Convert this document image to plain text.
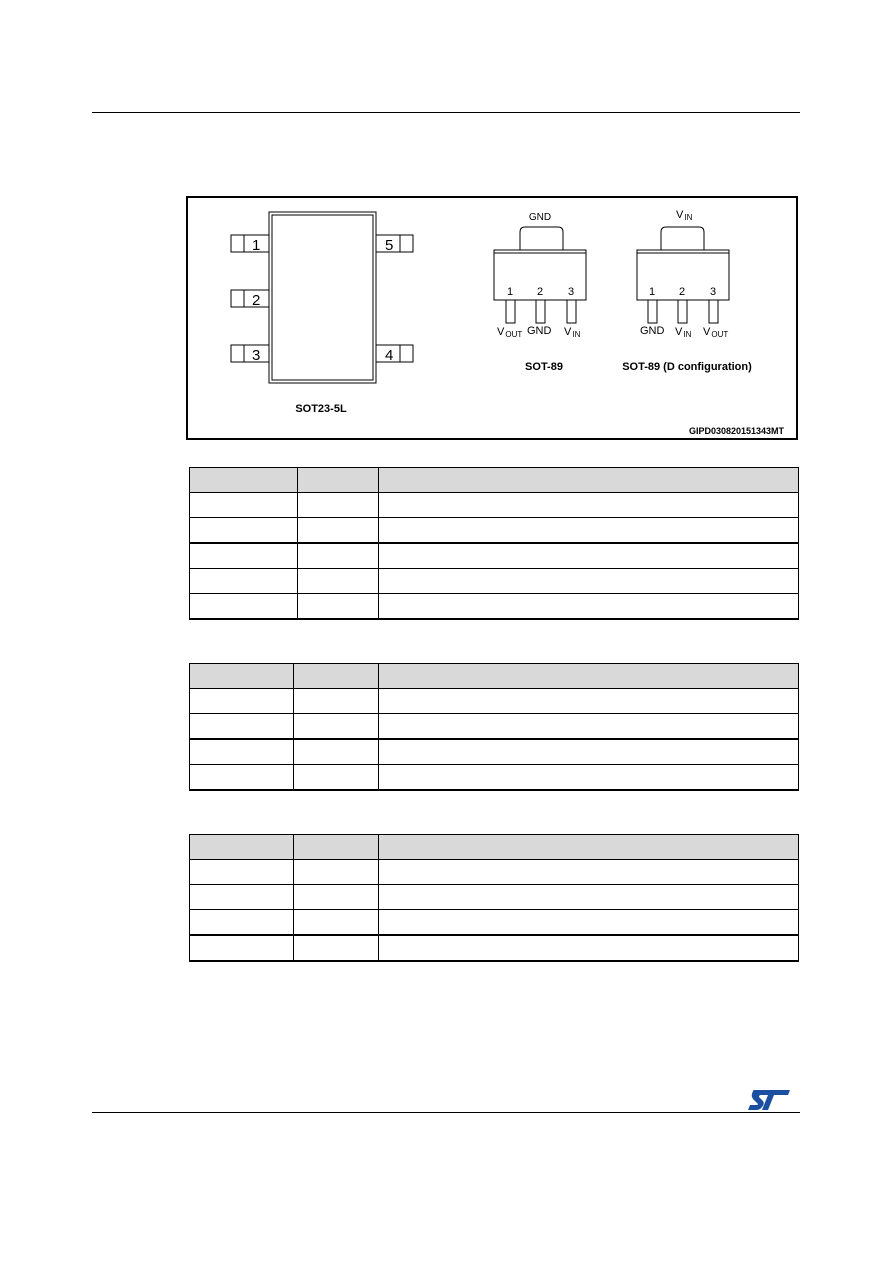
1
2
3
5
4
SOT23-5L
GND
1 2 3
VOUT GND VIN
SOT-89
VIN
1 2 3
GND VIN VOUT
SOT-89 (D configuration)
GIPD030820151343MT
